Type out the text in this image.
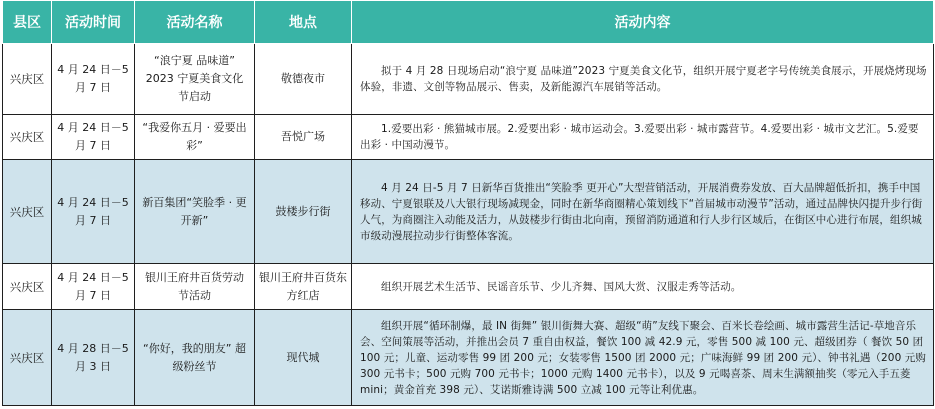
县区	活动时间	活动名称	地点	活动内容
兴庆区	4 月 24 日－5 月 7 日	“浪宁夏 品味道” 2023 宁夏美食文化节启动	敬德夜市	拟于 4 月 28 日现场启动“浪宁夏 品味道”2023 宁夏美食文化节，组织开展宁夏老字号传统美食展示，开展烧烤现场体验，非遗、文创等物品展示、售卖，及新能源汽车展销等活动。

兴庆区	4 月 24 日－5 月 7 日	“我爱你五月 · 爱要出彩”	吾悦广场	1.爱要出彩 · 熊猫城市展。2.爱要出彩 · 城市运动会。3.爱要出彩 · 城市露营节。4.爱要出彩 · 城市文艺汇。5.爱要出彩 · 中国动漫节。

兴庆区	4 月 24 日－5 月 7 日	新百集团“笑脸季 · 更开新”	鼓楼步行街	4 月 24 日-5 月 7 日新华百货推出“笑脸季 更开心”大型营销活动，开展消费券发放、百大品牌超低折扣，携手中国移动、宁夏银联及八大银行现场减现金，同时在新华商圈精心策划线下“首届城市动漫节”活动，通过品牌快闪提升步行街人气，为商圈注入动能及活力，从鼓楼步行街由北向南，预留消防通道和行人步行区域后，在街区中心进行布展，组织城市级动漫展拉动步行街整体客流。

兴庆区	4 月 24 日－5 月 7 日	银川王府井百货劳动节活动	银川王府井百货东方红店	组织开展艺术生活节、民谣音乐节、少儿齐舞、国风大赏、汉服走秀等活动。

兴庆区	4 月 28 日－5 月 3 日	“你好，我的朋友” 超级粉丝节	现代城	组织开展“循环制爆，最 IN 街舞” 银川街舞大赛、超级“萌”友线下聚会、百米长卷绘画、城市露营生活记-草地音乐会、空间策展等活动，并推出会员 7 重自由权益，餐饮 100 减 42.9 元，零售 500 减 100 元、超级团券（ 餐饮 50 团 100 元；儿童、运动零售 99 团 200 元；女装零售 1500 团 2000 元；广味海鲜 99 团 200 元）、钟书礼遇（200 元购 300 元书卡；500 元购 700 元书卡；1000 元购 1400 元书卡），以及 9 元喝喜茶、周末生满额抽奖（零元入手五菱 mini；黄金首充 398 元）、艾诺斯雅诗满 500 立减 100 元等让利优惠。
